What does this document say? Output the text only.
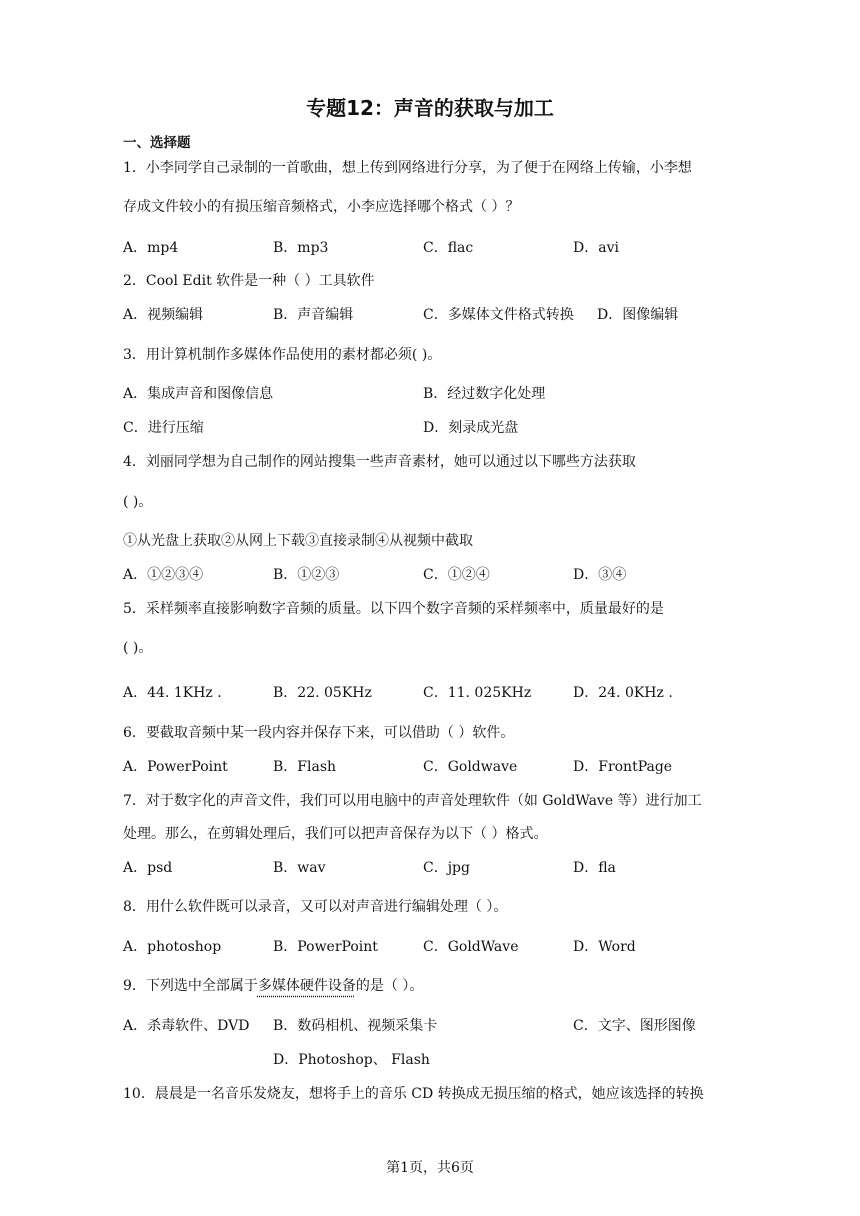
专题12：声音的获取与加工
一、选择题
1．小李同学自己录制的一首歌曲，想上传到网络进行分享，为了便于在网络上传输，小李想
存成文件较小的有损压缩音频格式，小李应选择哪个格式（ ）？
A．mp4	B．mp3	C．flac	D．avi
2．Cool Edit 软件是一种（ ）工具软件
A．视频编辑	B．声音编辑	C．多媒体文件格式转换 D．图像编辑
3．用计算机制作多媒体作品使用的素材都必须( )。
A．集成声音和图像信息	B．经过数字化处理
C．进行压缩	D．刻录成光盘
4．刘丽同学想为自己制作的网站搜集一些声音素材，她可以通过以下哪些方法获取
( )。
①从光盘上获取②从网上下载③直接录制④从视频中截取
A．①②③④	B．①②③	C．①②④	D．③④
5．采样频率直接影响数字音频的质量。以下四个数字音频的采样频率中，质量最好的是
( )。
A．44. 1KHz .	B．22. 05KHz	C．11. 025KHz	D．24. 0KHz .
6．要截取音频中某一段内容并保存下来，可以借助（ ）软件。
A．PowerPoint	B．Flash	C．Goldwave	D．FrontPage
7．对于数字化的声音文件，我们可以用电脑中的声音处理软件（如 GoldWave 等）进行加工
处理。那么，在剪辑处理后，我们可以把声音保存为以下（ ）格式。
A．psd	B．wav	C．jpg	D．fla
8．用什么软件既可以录音，又可以对声音进行编辑处理（ ）。
A．photoshop	B．PowerPoint	C．GoldWave	D．Word
9．下列选中全部属于多媒体硬件设备的是（ ）。
A．杀毒软件、DVD B．数码相机、视频采集卡	C．文字、图形图像
D．Photoshop、 Flash
10．晨晨是一名音乐发烧友，想将手上的音乐 CD 转换成无损压缩的格式，她应该选择的转换
第1页，共6页
